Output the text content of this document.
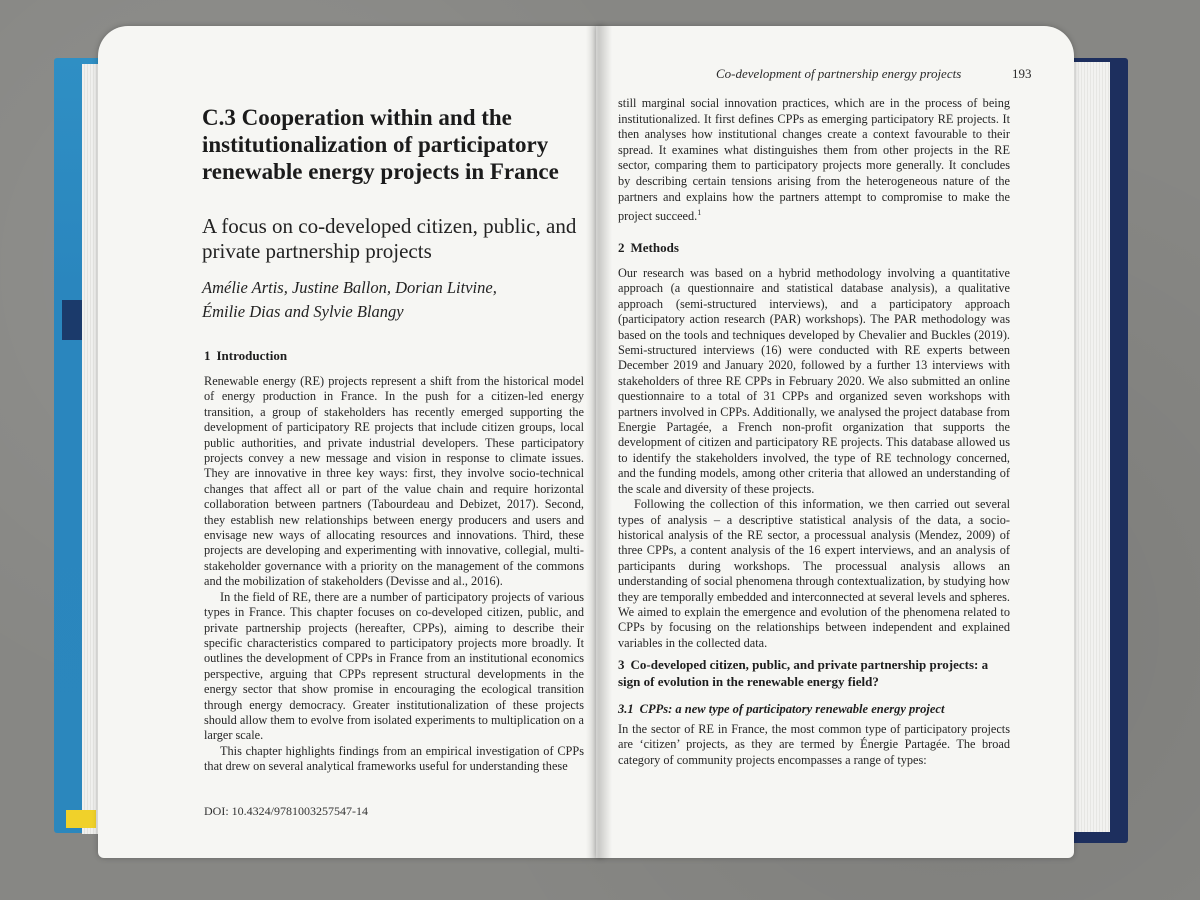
C.3 Cooperation within and the institutionalization of participatory renewable energy projects in France
A focus on co-developed citizen, public, and private partnership projects
Amélie Artis, Justine Ballon, Dorian Litvine,
Émilie Dias and Sylvie Blangy
1 Introduction

Renewable energy (RE) projects represent a shift from the historical model of energy production in France. In the push for a citizen-led energy transition, a group of stakeholders has recently emerged supporting the development of participatory RE projects that include citizen groups, local public authorities, and private industrial developers. These participatory projects convey a new message and vision in response to climate issues. They are innovative in three key ways: first, they involve socio-technical changes that affect all or part of the value chain and require horizontal collaboration between partners (Tabourdeau and Debizet, 2017). Second, they establish new relationships between energy producers and users and envisage new ways of allocating resources and innovations. Third, these projects are developing and experimenting with innovative, collegial, multi-stakeholder governance with a priority on the management of the commons and the mobilization of stakeholders (Devisse and al., 2016).

In the field of RE, there are a number of participatory projects of various types in France. This chapter focuses on co-developed citizen, public, and private partnership projects (hereafter, CPPs), aiming to describe their specific characteristics compared to participatory projects more broadly. It outlines the development of CPPs in France from an institutional economics perspective, arguing that CPPs represent structural developments in the energy sector that show promise in encouraging the ecological transition through energy democracy. Greater institutionalization of these projects should allow them to evolve from isolated experiments to multiplication on a larger scale.

This chapter highlights findings from an empirical investigation of CPPs that drew on several analytical frameworks useful for understanding these

DOI: 10.4324/9781003257547-14
Co-development of partnership energy projects	193
still marginal social innovation practices, which are in the process of being institutionalized. It first defines CPPs as emerging participatory RE projects. It then analyses how institutional changes create a context favourable to their spread. It examines what distinguishes them from other projects in the RE sector, comparing them to participatory projects more generally. It concludes by describing certain tensions arising from the heterogeneous nature of the partners and explains how the partners attempt to compromise to make the project succeed.$^1$
2 Methods

Our research was based on a hybrid methodology involving a quantitative approach (a questionnaire and statistical database analysis), a qualitative approach (semi-structured interviews), and a participatory approach (participatory action research (PAR) workshops). The PAR methodology was based on the tools and techniques developed by Chevalier and Buckles (2019). Semi-structured interviews (16) were conducted with RE experts between December 2019 and January 2020, followed by a further 13 interviews with stakeholders of three RE CPPs in February 2020. We also submitted an online questionnaire to a total of 31 CPPs and organized seven workshops with partners involved in CPPs. Additionally, we analysed the project database from Energie Partagée, a French non-profit organization that supports the development of citizen and participatory RE projects. This database allowed us to identify the stakeholders involved, the type of RE technology concerned, and the funding models, among other criteria that allowed an understanding of the scale and diversity of these projects.

Following the collection of this information, we then carried out several types of analysis – a descriptive statistical analysis of the data, a socio-historical analysis of the RE sector, a processual analysis (Mendez, 2009) of three CPPs, a content analysis of the 16 expert interviews, and an analysis of participants during workshops. The processual analysis allows an understanding of social phenomena through contextualization, by studying how they are temporally embedded and interconnected at several levels and spheres. We aimed to explain the emergence and evolution of the phenomena related to CPPs by focusing on the relationships between independent and explained variables in the collected data.

3 Co-developed citizen, public, and private partnership projects: a sign of evolution in the renewable energy field?
3.1 CPPs: a new type of participatory renewable energy project
In the sector of RE in France, the most common type of participatory projects are ‘citizen’ projects, as they are termed by Énergie Partagée. The broad category of community projects encompasses a range of types:
